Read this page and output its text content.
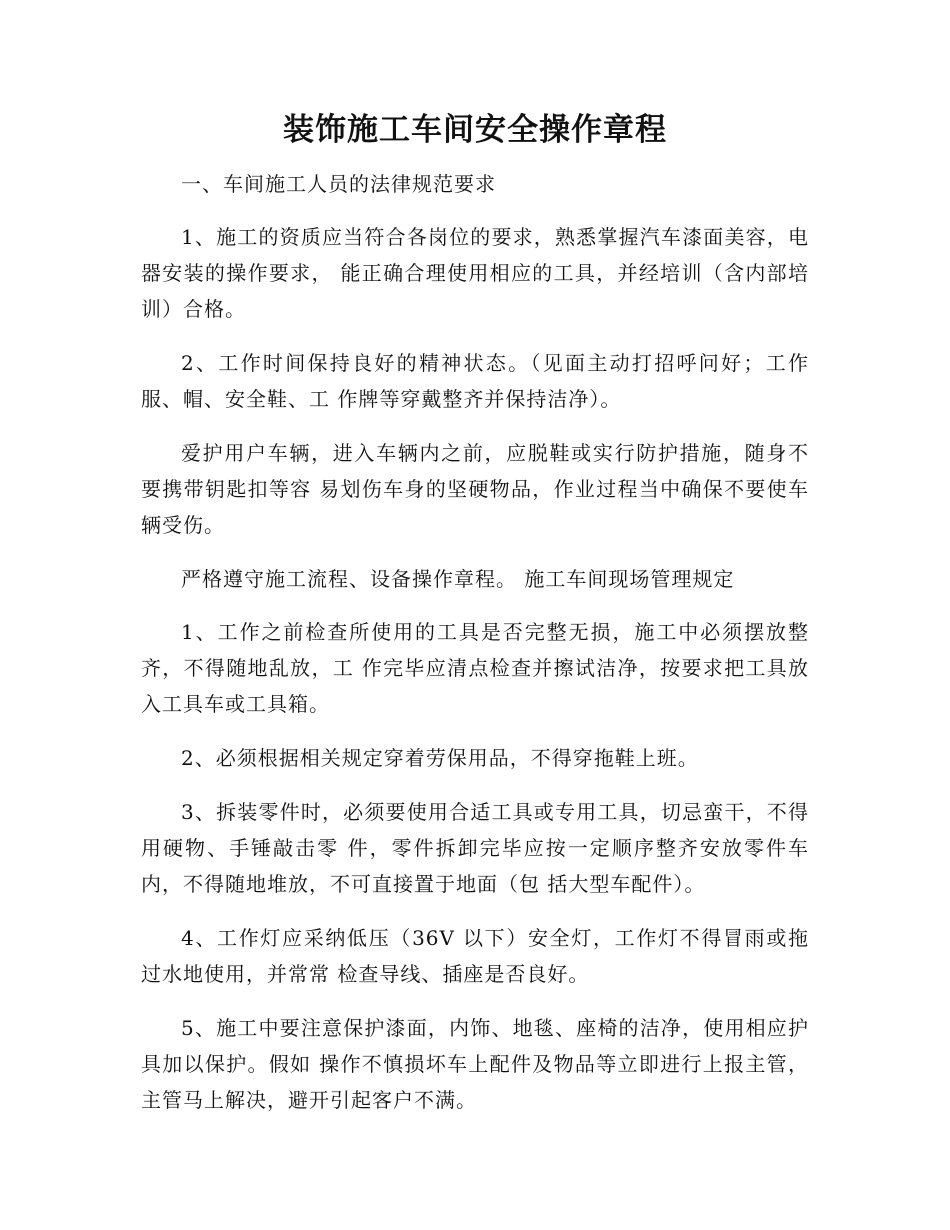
装饰施工车间安全操作章程
一、车间施工人员的法律规范要求
1、施工的资质应当符合各岗位的要求，熟悉掌握汽车漆面美容，电器安装的操作要求， 能正确合理使用相应的工具，并经培训（含内部培训）合格。
2、工作时间保持良好的精神状态。（见面主动打招呼问好；工作服、帽、安全鞋、工 作牌等穿戴整齐并保持洁净）。
爱护用户车辆，进入车辆内之前，应脱鞋或实行防护措施，随身不要携带钥匙扣等容 易划伤车身的坚硬物品，作业过程当中确保不要使车辆受伤。
严格遵守施工流程、设备操作章程。 施工车间现场管理规定
1、工作之前检查所使用的工具是否完整无损，施工中必须摆放整齐，不得随地乱放，工 作完毕应清点检查并擦试洁净，按要求把工具放入工具车或工具箱。
2、必须根据相关规定穿着劳保用品，不得穿拖鞋上班。
3、拆装零件时，必须要使用合适工具或专用工具，切忌蛮干，不得用硬物、手锤敲击零 件，零件拆卸完毕应按一定顺序整齐安放零件车内，不得随地堆放，不可直接置于地面（包 括大型车配件）。
4、工作灯应采纳低压（36V 以下）安全灯，工作灯不得冒雨或拖过水地使用，并常常 检查导线、插座是否良好。
5、施工中要注意保护漆面，内饰、地毯、座椅的洁净，使用相应护具加以保护。假如 操作不慎损坏车上配件及物品等立即进行上报主管，主管马上解决，避开引起客户不满。
